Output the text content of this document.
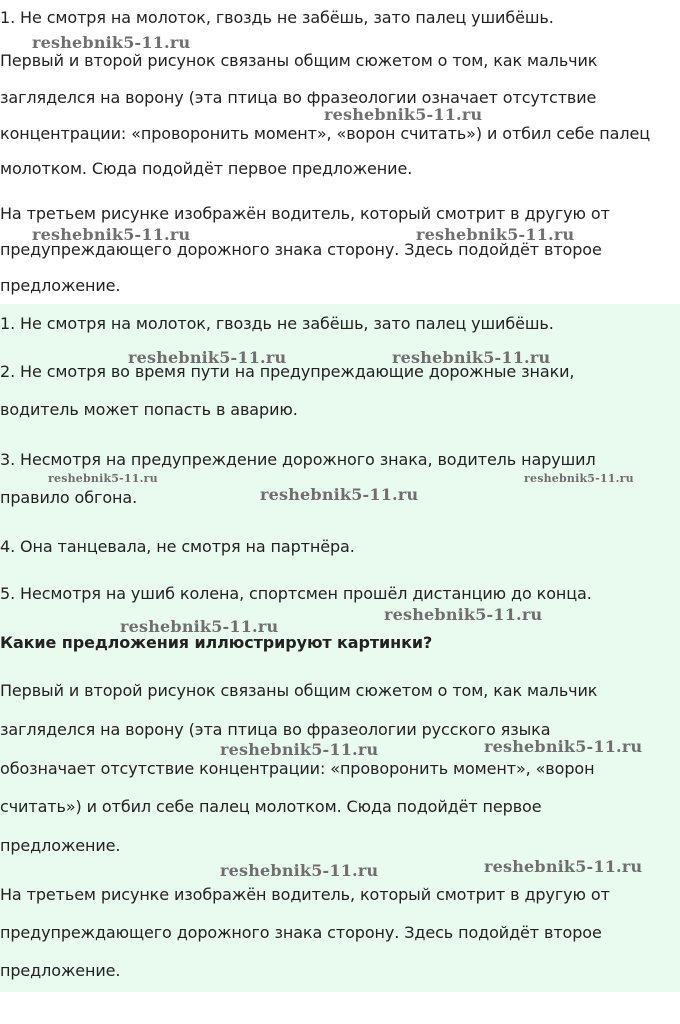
1. Не смотря на молоток, гвоздь не забёшь, зато палец ушибёшь.

Первый и второй рисунок связаны общим сюжетом о том, как мальчик

загляделся на ворону (эта птица во фразеологии означает отсутствие

концентрации: «проворонить момент», «ворон считать») и отбил себе палец

молотком. Сюда подойдёт первое предложение.

На третьем рисунке изображён водитель, который смотрит в другую от

предупреждающего дорожного знака сторону. Здесь подойдёт второе

предложение.

1. Не смотря на молоток, гвоздь не забёшь, зато палец ушибёшь.

2. Не смотря во время пути на предупреждающие дорожные знаки,

водитель может попасть в аварию.

3. Несмотря на предупреждение дорожного знака, водитель нарушил

правило обгона.

4. Она танцевала, не смотря на партнёра.

5. Несмотря на ушиб колена, спортсмен прошёл дистанцию до конца.

Какие предложения иллюстрируют картинки?

Первый и второй рисунок связаны общим сюжетом о том, как мальчик

загляделся на ворону (эта птица во фразеологии русского языка

обозначает отсутствие концентрации: «проворонить момент», «ворон

считать») и отбил себе палец молотком. Сюда подойдёт первое

предложение.

На третьем рисунке изображён водитель, который смотрит в другую от

предупреждающего дорожного знака сторону. Здесь подойдёт второе

предложение.

reshebnik5-11.ru
reshebnik5-11.ru
reshebnik5-11.ru	reshebnik5-11.ru
reshebnik5-11.ru	reshebnik5-11.ru
reshebnik5-11.ru	reshebnik5-11.ru
reshebnik5-11.ru
reshebnik5-11.ru
reshebnik5-11.ru
reshebnik5-11.ru	reshebnik5-11.ru
reshebnik5-11.ru	reshebnik5-11.ru
